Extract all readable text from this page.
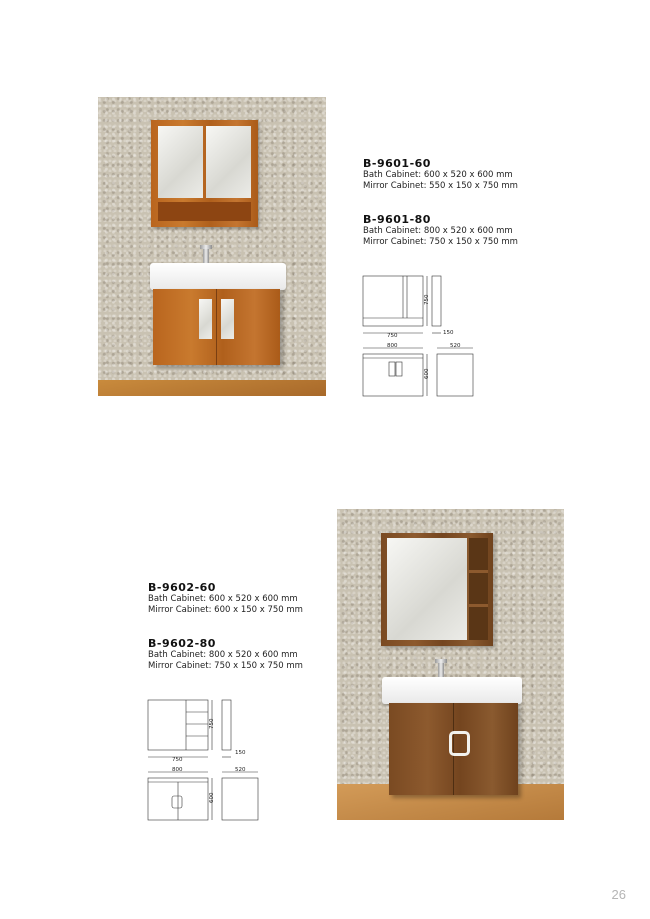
B-9601-60
Bath Cabinet: 600 x 520 x 600 mm
Mirror Cabinet: 550 x 150 x 750 mm
B-9601-80
Bath Cabinet: 800 x 520 x 600 mm
Mirror Cabinet: 750 x 150 x 750 mm
750
750	150
800	520
600
B-9602-60
Bath Cabinet: 600 x 520 x 600 mm
Mirror Cabinet: 600 x 150 x 750 mm
B-9602-80
Bath Cabinet: 800 x 520 x 600 mm
Mirror Cabinet: 750 x 150 x 750 mm
750
750
150
800	520
600
26
